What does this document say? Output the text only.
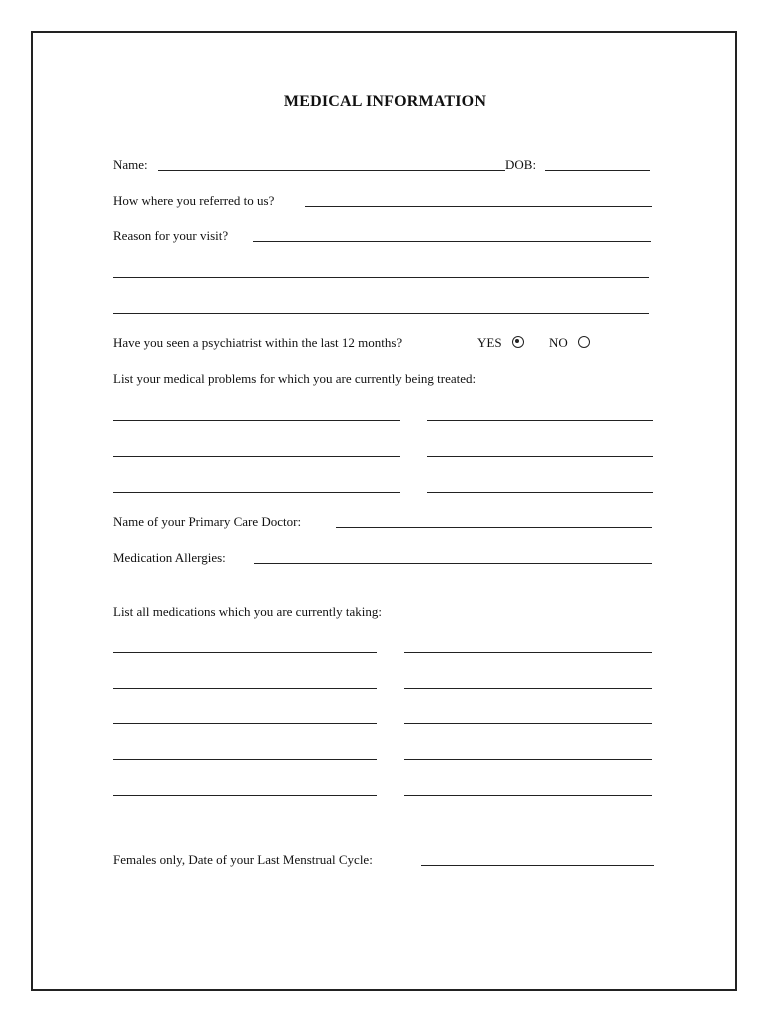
MEDICAL INFORMATION
Name:	DOB:
How where you referred to us?
Reason for your visit?
Have you seen a psychiatrist within the last 12 months?	YES	NO
List your medical problems for which you are currently being treated:
Name of your Primary Care Doctor:
Medication Allergies:
List all medications which you are currently taking:
Females only, Date of your Last Menstrual Cycle:
